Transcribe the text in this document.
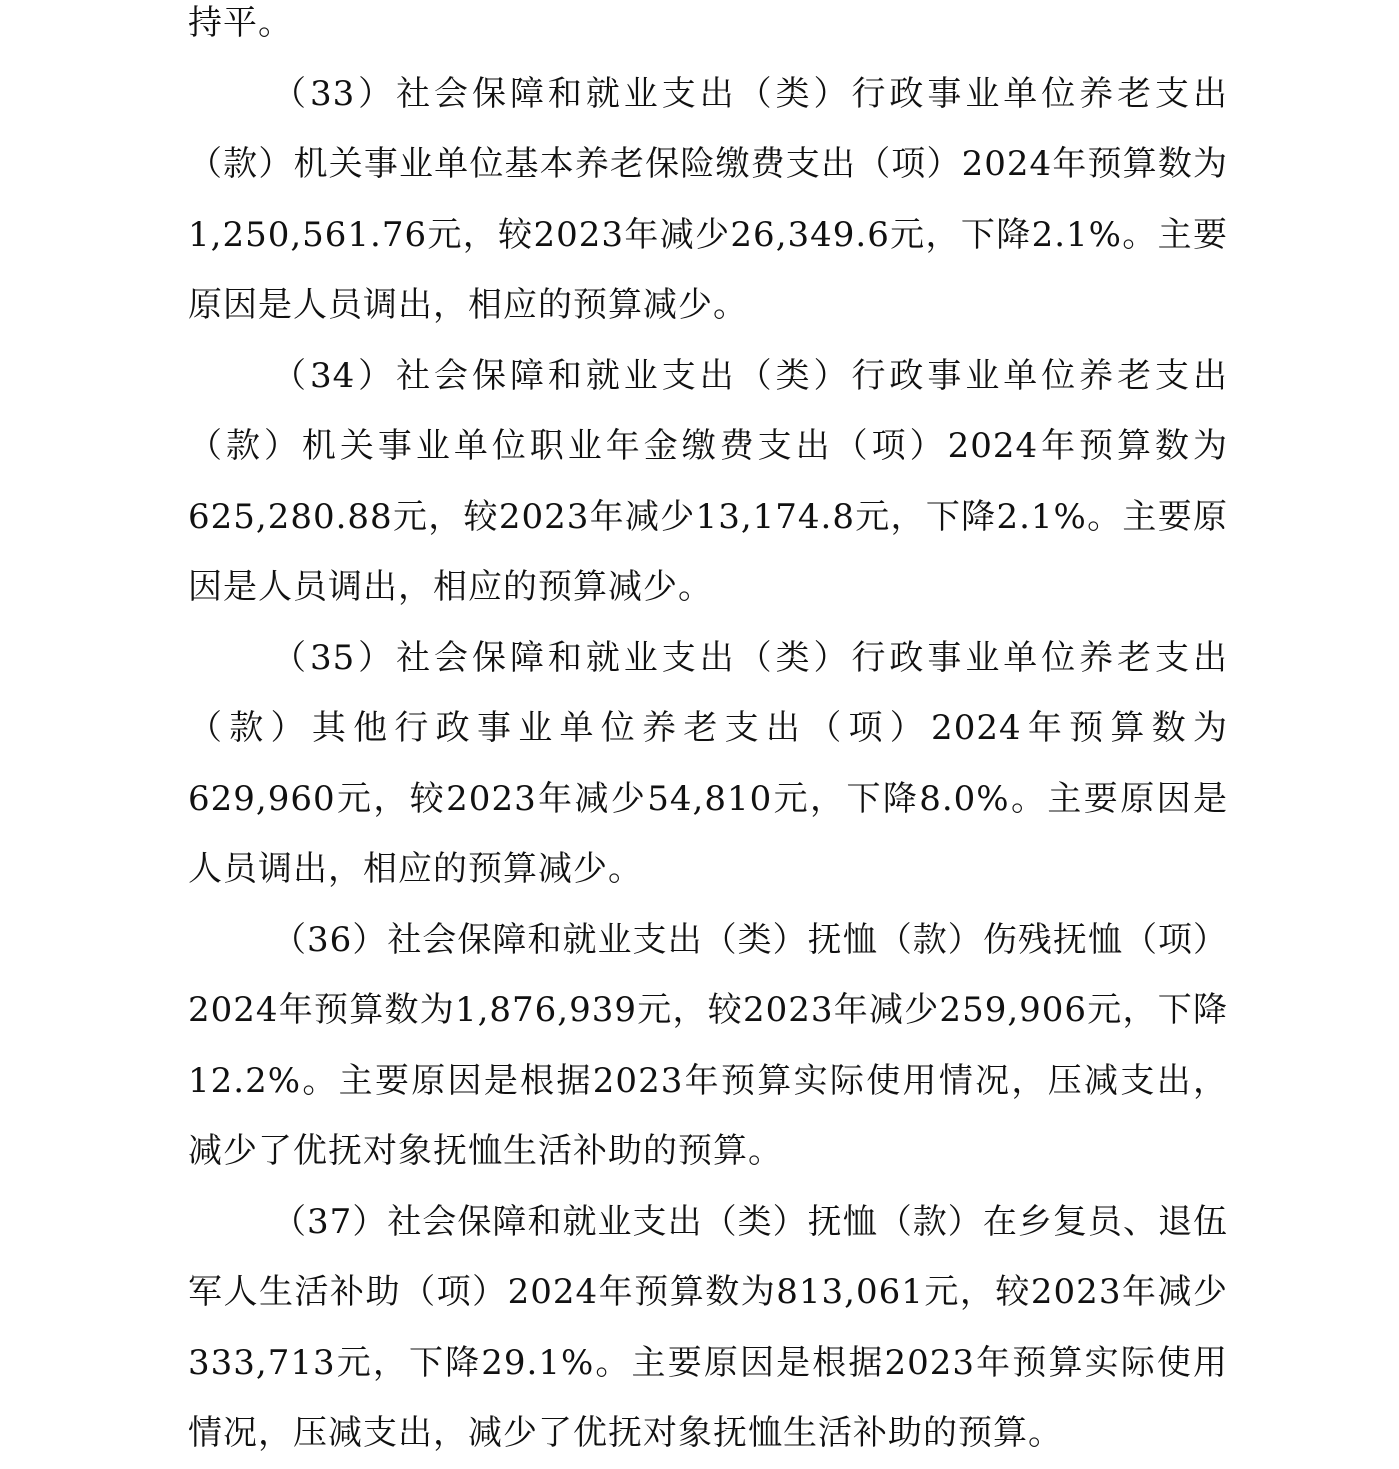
持平。

（33）社会保障和就业支出（类）行政事业单位养老支出（款）机关事业单位基本养老保险缴费支出（项）2024年预算数为1,250,561.76元，较2023年减少26,349.6元，下降2.1%。主要原因是人员调出，相应的预算减少。

（34）社会保障和就业支出（类）行政事业单位养老支出（款）机关事业单位职业年金缴费支出（项）2024年预算数为625,280.88元，较2023年减少13,174.8元，下降2.1%。主要原因是人员调出，相应的预算减少。

（35）社会保障和就业支出（类）行政事业单位养老支出（款）其他行政事业单位养老支出（项）2024年预算数为629,960元，较2023年减少54,810元，下降8.0%。主要原因是人员调出，相应的预算减少。

（36）社会保障和就业支出（类）抚恤（款）伤残抚恤（项）2024年预算数为1,876,939元，较2023年减少259,906元，下降12.2%。主要原因是根据2023年预算实际使用情况，压减支出，减少了优抚对象抚恤生活补助的预算。

（37）社会保障和就业支出（类）抚恤（款）在乡复员、退伍军人生活补助（项）2024年预算数为813,061元，较2023年减少333,713元，下降29.1%。主要原因是根据2023年预算实际使用情况，压减支出，减少了优抚对象抚恤生活补助的预算。
